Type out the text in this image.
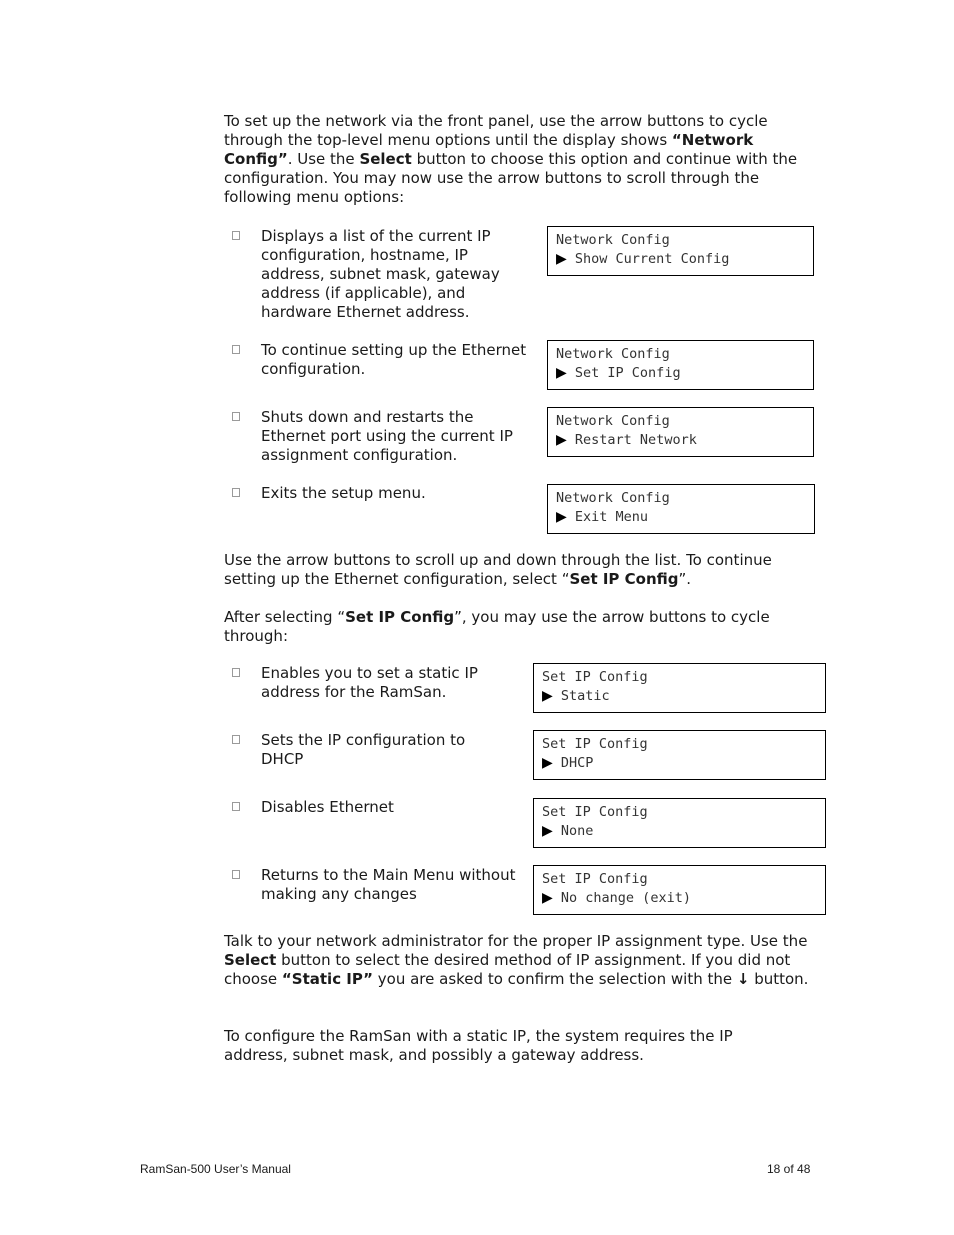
To set up the network via the front panel, use the arrow buttons to cycle through the top-level menu options until the display shows “Network Config”. Use the Select button to choose this option and continue with the configuration. You may now use the arrow buttons to scroll through the following menu options:

Displays a list of the current IP configuration, hostname, IP address, subnet mask, gateway address (if applicable), and hardware Ethernet address.
Network Config
▶ Show Current Config
To continue setting up the Ethernet configuration.
Network Config
▶ Set IP Config
Shuts down and restarts the Ethernet port using the current IP assignment configuration.
Network Config
▶ Restart Network
Exits the setup menu.	Network Config
▶ Exit Menu

Use the arrow buttons to scroll up and down through the list. To continue setting up the Ethernet configuration, select “Set IP Config”.

After selecting “Set IP Config”, you may use the arrow buttons to cycle through:

Enables you to set a static IP address for the RamSan.
Set IP Config
▶ Static
Sets the IP configuration to DHCP
Set IP Config
▶ DHCP
Disables Ethernet	Set IP Config
▶ None
Returns to the Main Menu without making any changes
Set IP Config
▶ No change (exit)

Talk to your network administrator for the proper IP assignment type. Use the Select button to select the desired method of IP assignment. If you did not choose “Static IP” you are asked to confirm the selection with the ↓ button.

To configure the RamSan with a static IP, the system requires the IP address, subnet mask, and possibly a gateway address.

RamSan-500 User’s Manual	18 of 48
